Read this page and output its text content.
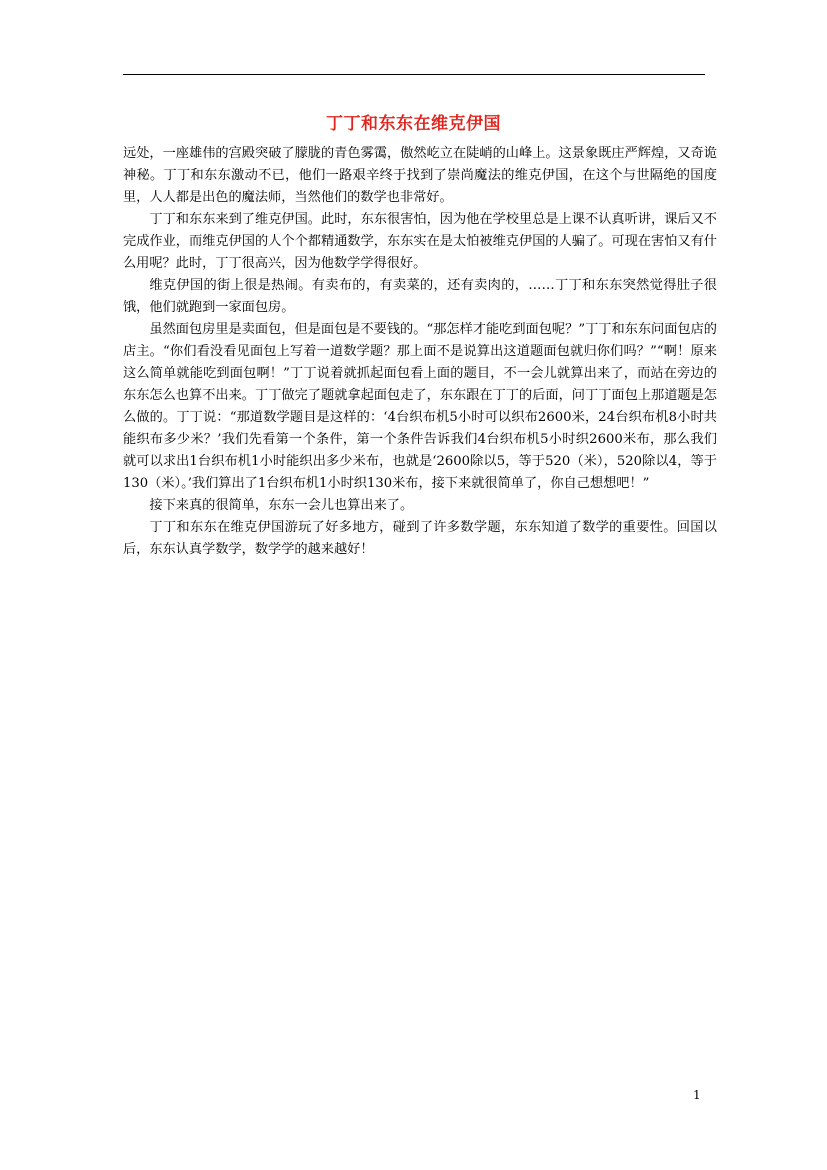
丁丁和东东在维克伊国

远处，一座雄伟的宫殿突破了朦胧的青色雾霭，傲然屹立在陡峭的山峰上。这景象既庄严辉煌，又奇诡神秘。丁丁和东东激动不已，他们一路艰辛终于找到了崇尚魔法的维克伊国，在这个与世隔绝的国度里，人人都是出色的魔法师，当然他们的数学也非常好。

丁丁和东东来到了维克伊国。此时，东东很害怕，因为他在学校里总是上课不认真听讲，课后又不完成作业，而维克伊国的人个个都精通数学，东东实在是太怕被维克伊国的人骗了。可现在害怕又有什么用呢？此时，丁丁很高兴，因为他数学学得很好。

维克伊国的街上很是热闹。有卖布的，有卖菜的，还有卖肉的，……丁丁和东东突然觉得肚子很饿，他们就跑到一家面包房。

虽然面包房里是卖面包，但是面包是不要钱的。“那怎样才能吃到面包呢？”丁丁和东东问面包店的店主。“你们看没看见面包上写着一道数学题？那上面不是说算出这道题面包就归你们吗？”“啊！原来这么简单就能吃到面包啊！”丁丁说着就抓起面包看上面的题目，不一会儿就算出来了，而站在旁边的东东怎么也算不出来。丁丁做完了题就拿起面包走了，东东跟在丁丁的后面，问丁丁面包上那道题是怎么做的。丁丁说：“那道数学题目是这样的：‘4台织布机5小时可以织布2600米，24台织布机8小时共能织布多少米？’我们先看第一个条件，第一个条件告诉我们4台织布机5小时织2600米布，那么我们就可以求出1台织布机1小时能织出多少米布，也就是‘2600除以5，等于520（米），520除以4，等于130（米）。’我们算出了1台织布机1小时织130米布，接下来就很简单了，你自己想想吧！”

接下来真的很简单，东东一会儿也算出来了。

丁丁和东东在维克伊国游玩了好多地方，碰到了许多数学题，东东知道了数学的重要性。回国以后，东东认真学数学，数学学的越来越好！

1
